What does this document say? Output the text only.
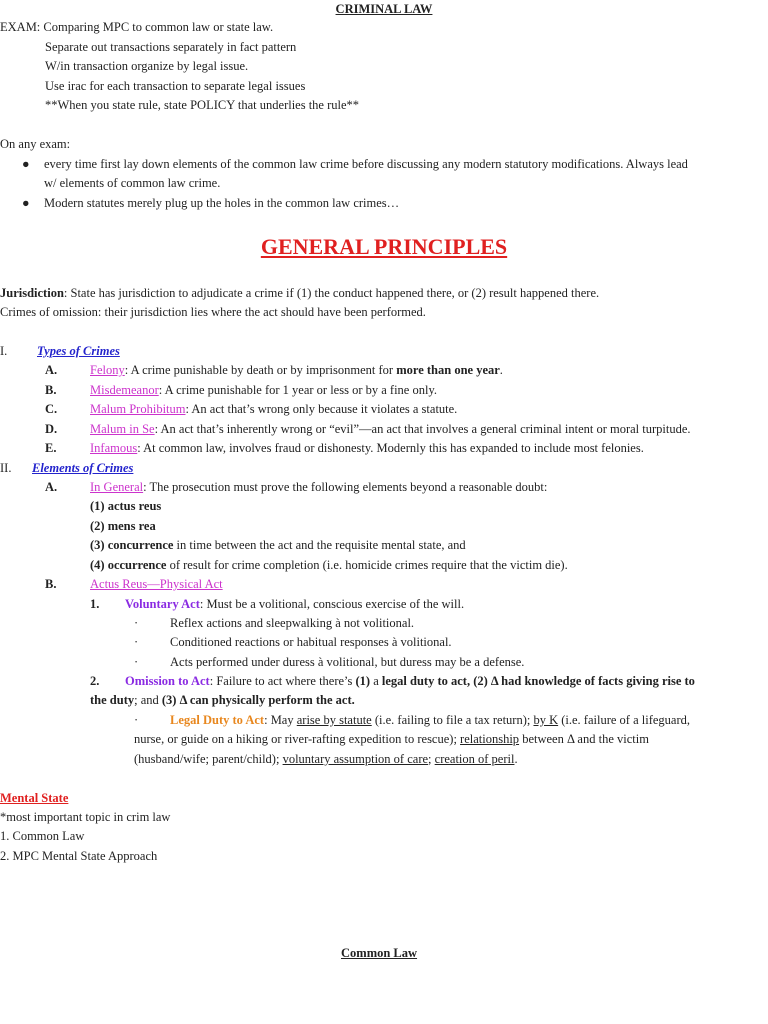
CRIMINAL LAW
EXAM: Comparing MPC to common law or state law.
Separate out transactions separately in fact pattern
W/in transaction organize by legal issue.
Use irac for each transaction to separate legal issues
**When you state rule, state POLICY that underlies the rule**
On any exam:
● every time first lay down elements of the common law crime before discussing any modern statutory modifications. Always lead
w/ elements of common law crime.
● Modern statutes merely plug up the holes in the common law crimes…
GENERAL PRINCIPLES
Jurisdiction: State has jurisdiction to adjudicate a crime if (1) the conduct happened there, or (2) result happened there.
Crimes of omission: their jurisdiction lies where the act should have been performed.
I. Types of Crimes
A.	Felony: A crime punishable by death or by imprisonment for more than one year.
B.	Misdemeanor: A crime punishable for 1 year or less or by a fine only.
C.	Malum Prohibitum: An act that’s wrong only because it violates a statute.
D.	Malum in Se: An act that’s inherently wrong or “evil”—an act that involves a general criminal intent or moral turpitude.
E.	Infamous: At common law, involves fraud or dishonesty. Modernly this has expanded to include most felonies.
II. Elements of Crimes
A.	In General: The prosecution must prove the following elements beyond a reasonable doubt:
(1) actus reus
(2) mens rea
(3) concurrence in time between the act and the requisite mental state, and
(4) occurrence of result for crime completion (i.e. homicide crimes require that the victim die).
B.	Actus Reus—Physical Act
1. Voluntary Act: Must be a volitional, conscious exercise of the will.
·	Reflex actions and sleepwalking à not volitional.
·	Conditioned reactions or habitual responses à volitional.
·	Acts performed under duress à volitional, but duress may be a defense.
2. Omission to Act: Failure to act where there’s (1) a legal duty to act, (2) Δ had knowledge of facts giving rise to
the duty; and (3) Δ can physically perform the act.
·	Legal Duty to Act: May arise by statute (i.e. failing to file a tax return); by K (i.e. failure of a lifeguard,
nurse, or guide on a hiking or river-rafting expedition to rescue); relationship between Δ and the victim
(husband/wife; parent/child); voluntary assumption of care; creation of peril.
Mental State
*most important topic in crim law
1. Common Law
2. MPC Mental State Approach
Common Law
